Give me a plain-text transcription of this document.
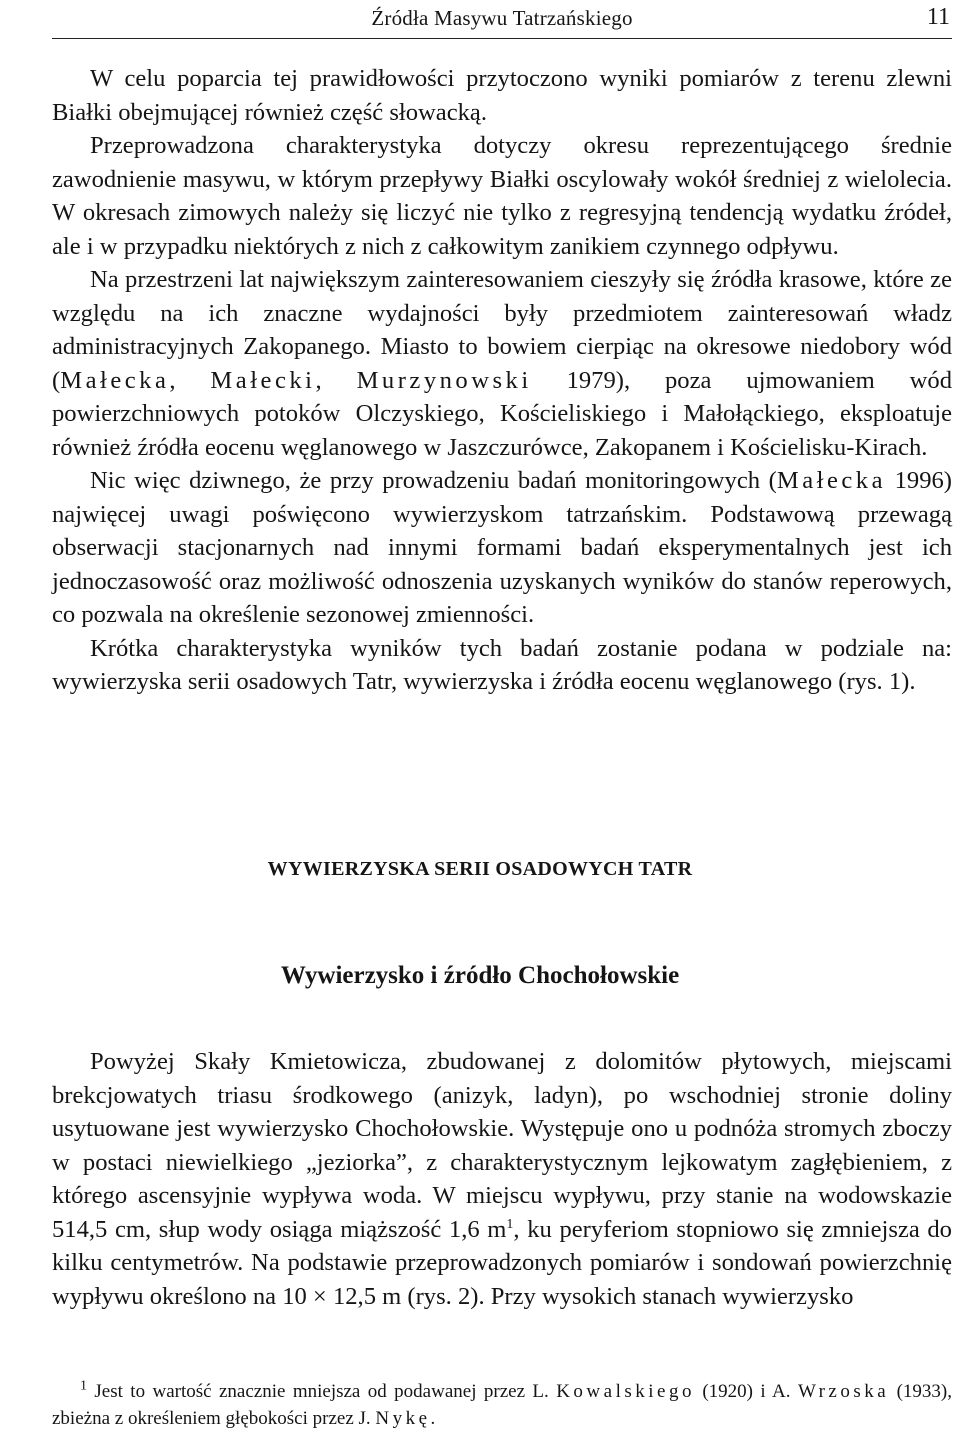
Źródła Masywu Tatrzańskiego	11

W celu poparcia tej prawidłowości przytoczono wyniki pomiarów z terenu zlewni Białki obejmującej również część słowacką.

Przeprowadzona charakterystyka dotyczy okresu reprezentującego średnie zawodnienie masywu, w którym przepływy Białki oscylowały wokół średniej z wielolecia. W okresach zimowych należy się liczyć nie tylko z regresyjną tendencją wydatku źródeł, ale i w przypadku niektórych z nich z całkowitym zanikiem czynnego odpływu.

Na przestrzeni lat największym zainteresowaniem cieszyły się źródła krasowe, które ze względu na ich znaczne wydajności były przedmiotem zainteresowań władz administracyjnych Zakopanego. Miasto to bowiem cierpiąc na okresowe niedobory wód (Małecka, Małecki, Murzynowski 1979), poza ujmowaniem wód powierzchniowych potoków Olczyskiego, Kościeliskiego i Małołąckiego, eksploatuje również źródła eocenu węglanowego w Jaszczurówce, Zakopanem i Kościelisku-Kirach.

Nic więc dziwnego, że przy prowadzeniu badań monitoringowych (Małecka 1996) najwięcej uwagi poświęcono wywierzyskom tatrzańskim. Podstawową przewagą obserwacji stacjonarnych nad innymi formami badań eksperymentalnych jest ich jednoczasowość oraz możliwość odnoszenia uzyskanych wyników do stanów reperowych, co pozwala na określenie sezonowej zmienności.

Krótka charakterystyka wyników tych badań zostanie podana w podziale na: wywierzyska serii osadowych Tatr, wywierzyska i źródła eocenu węglanowego (rys. 1).

WYWIERZYSKA SERII OSADOWYCH TATR
Wywierzysko i źródło Chochołowskie

Powyżej Skały Kmietowicza, zbudowanej z dolomitów płytowych, miejscami brekcjowatych triasu środkowego (anizyk, ladyn), po wschodniej stronie doliny usytuowane jest wywierzysko Chochołowskie. Występuje ono u podnóża stromych zboczy w postaci niewielkiego „jeziorka”, z charakterystycznym lejkowatym zagłębieniem, z którego ascensyjnie wypływa woda. W miejscu wypływu, przy stanie na wodowskazie 514,5 cm, słup wody osiąga miąższość 1,6 $m^1$, ku peryferiom stopniowo się zmniejsza do kilku centymetrów. Na podstawie przeprowadzonych pomiarów i sondowań powierzchnię wypływu określono na 10 × 12,5 m (rys. 2). Przy wysokich stanach wywierzysko

$^1$ Jest to wartość znacznie mniejsza od podawanej przez L. Kowalskiego (1920) i A. Wrzoska (1933), zbieżna z określeniem głębokości przez J. Nykę.
